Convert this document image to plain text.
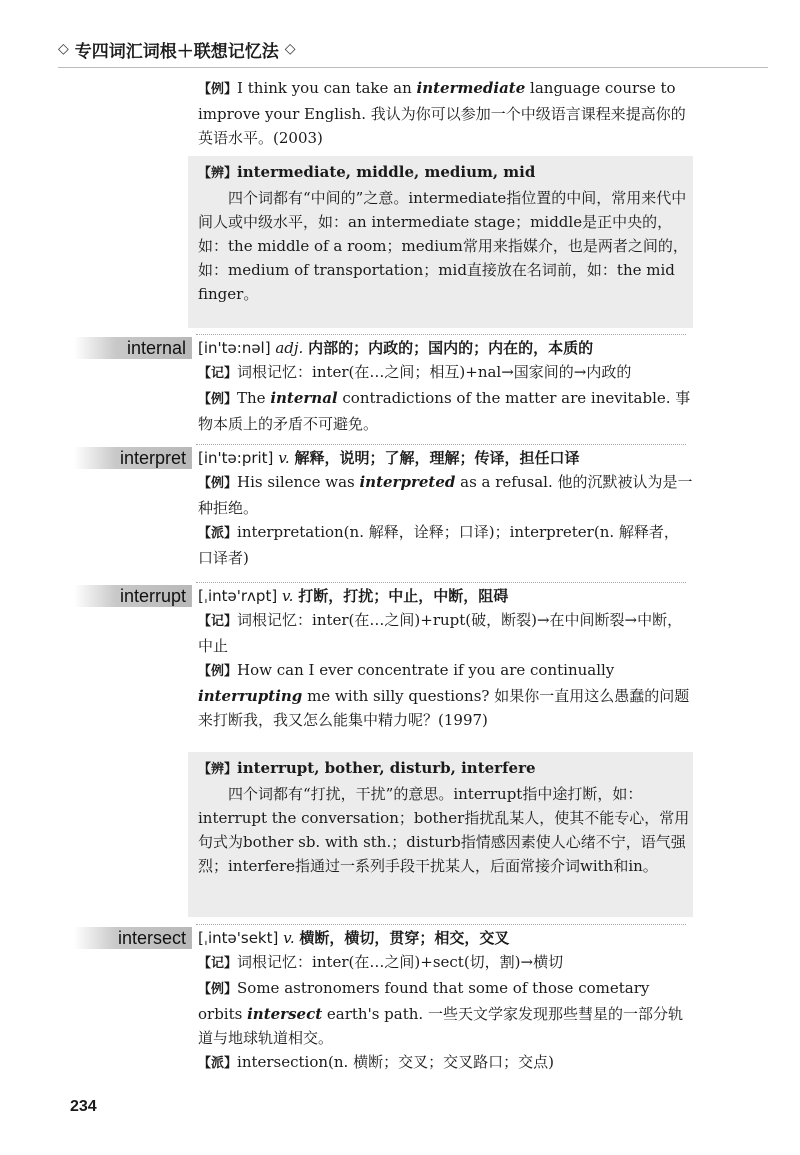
◇ 专四词汇词根＋联想记忆法 ◇

【例】I think you can take an intermediate language course to improve your English. 我认为你可以参加一个中级语言课程来提高你的英语水平。(2003)

【辨】intermediate, middle, medium, mid

四个词都有“中间的”之意。intermediate指位置的中间，常用来代中间人或中级水平，如：an intermediate stage；middle是正中央的，如：the middle of a room；medium常用来指媒介，也是两者之间的，如：medium of transportation；mid直接放在名词前，如：the mid finger。

internal [in'tə:nəl] adj. 内部的；内政的；国内的；内在的，本质的

【记】词根记忆：inter(在…之间；相互)+nal→国家间的→内政的

【例】The internal contradictions of the matter are inevitable. 事物本质上的矛盾不可避免。

interpret [in'tə:prit] v. 解释，说明；了解，理解；传译，担任口译

【例】His silence was interpreted as a refusal. 他的沉默被认为是一种拒绝。

【派】interpretation(n. 解释，诠释；口译)；interpreter(n. 解释者，口译者)

interrupt [ˌintə'rʌpt] v. 打断，打扰；中止，中断，阻碍

【记】词根记忆：inter(在…之间)+rupt(破，断裂)→在中间断裂→中断，中止

【例】How can I ever concentrate if you are continually interrupting me with silly questions? 如果你一直用这么愚蠢的问题来打断我，我又怎么能集中精力呢？(1997)

【辨】interrupt, bother, disturb, interfere

四个词都有“打扰，干扰”的意思。interrupt指中途打断，如：interrupt the conversation；bother指扰乱某人，使其不能专心，常用句式为bother sb. with sth.；disturb指情感因素使人心绪不宁，语气强烈；interfere指通过一系列手段干扰某人，后面常接介词with和in。

intersect [ˌintə'sekt] v. 横断，横切，贯穿；相交，交叉

【记】词根记忆：inter(在…之间)+sect(切，割)→横切

【例】Some astronomers found that some of those cometary orbits intersect earth's path. 一些天文学家发现那些彗星的一部分轨道与地球轨道相交。

【派】intersection(n. 横断；交叉；交叉路口；交点)

234
